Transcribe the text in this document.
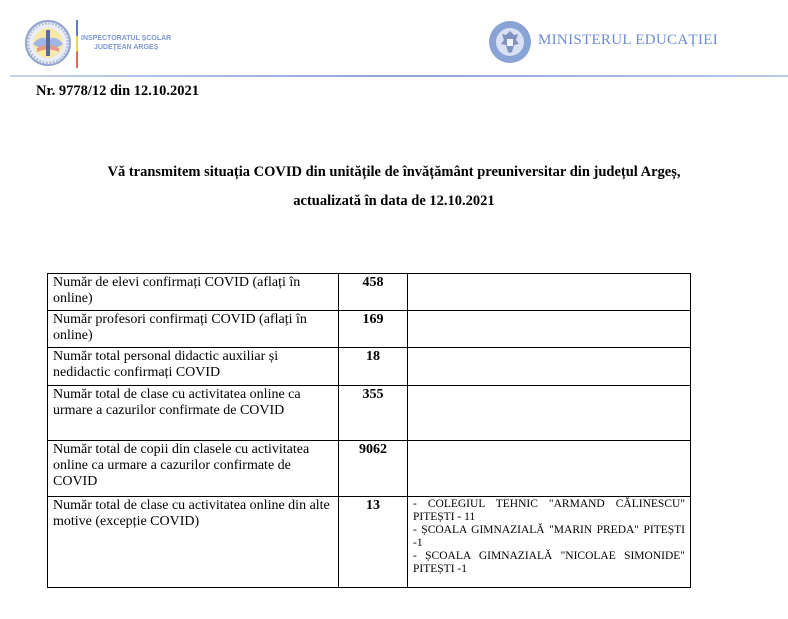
INSPECTORATUL ȘCOLAR
JUDEȚEAN ARGEȘ	MINISTERUL EDUCAȚIEI
Nr. 9778/12 din 12.10.2021
Vă transmitem situația COVID din unitățile de învățământ preuniversitar din județul Argeș,
actualizată în data de 12.10.2021
Număr de elevi confirmați COVID (aflați în online)	458	
Număr profesori confirmați COVID (aflați în online)	169	
Număr total personal didactic auxiliar și nedidactic confirmați COVID	18	
Număr total de clase cu activitatea online ca urmare a cazurilor confirmate de COVID	355	
Număr total de copii din clasele cu activitatea online ca urmare a cazurilor confirmate de COVID	9062	
Număr total de clase cu activitatea online din alte motive (excepție COVID)	13	- COLEGIUL TEHNIC "ARMAND CĂLINESCU" PITEȘTI - 11
- ȘCOALA GIMNAZIALĂ "MARIN PREDA" PITEȘTI -1
- ȘCOALA GIMNAZIALĂ "NICOLAE SIMONIDE" PITEȘTI -1
